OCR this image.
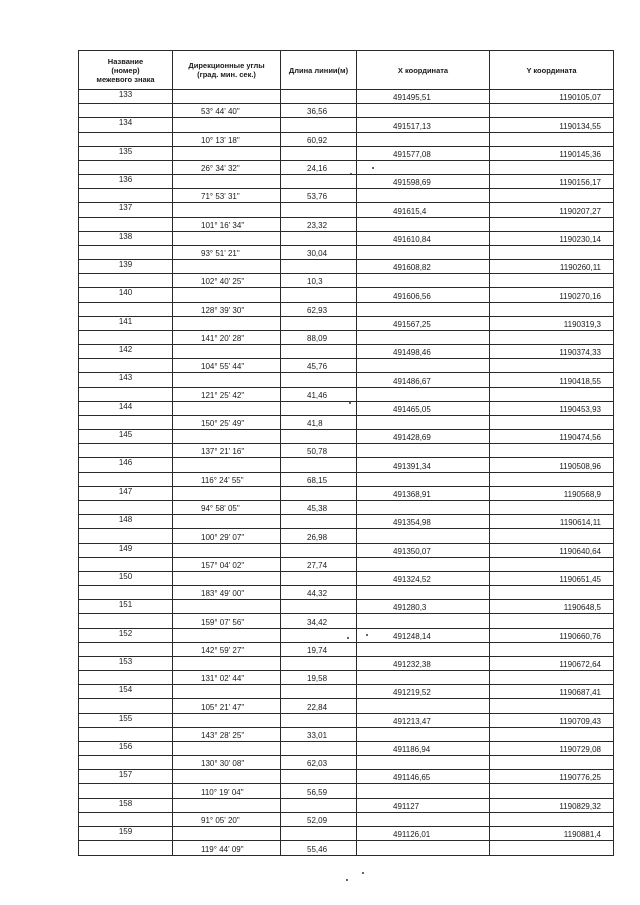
Название
(номер)
межевого знака	Дирекционные углы
(град. мин. сек.)	Длина линии(м)	X координата	Y координата
133			491495,51	1190105,07
	53° 44' 40"	36,56		
134			491517,13	1190134,55
	10° 13' 18"	60,92		
135			491577,08	1190145,36
	26° 34' 32"	24,16		
136			491598,69	1190156,17
	71° 53' 31"	53,76		
137			491615,4	1190207,27
	101° 16' 34"	23,32		
138			491610,84	1190230,14
	93° 51' 21"	30,04		
139			491608,82	1190260,11
	102° 40' 25"	10,3		
140			491606,56	1190270,16
	128° 39' 30"	62,93		
141			491567,25	1190319,3
	141° 20' 28"	88,09		
142			491498,46	1190374,33
	104° 55' 44"	45,76		
143			491486,67	1190418,55
	121° 25' 42"	41,46		
144			491465,05	1190453,93
	150° 25' 49"	41,8		
145			491428,69	1190474,56
	137° 21' 16"	50,78		
146			491391,34	1190508,96
	116° 24' 55"	68,15		
147			491368,91	1190568,9
	94° 58' 05"	45,38		
148			491354,98	1190614,11
	100° 29' 07"	26,98		
149			491350,07	1190640,64
	157° 04' 02"	27,74		
150			491324,52	1190651,45
	183° 49' 00"	44,32		
151			491280,3	1190648,5
	159° 07' 56"	34,42		
152			491248,14	1190660,76
	142° 59' 27"	19,74		
153			491232,38	1190672,64
	131° 02' 44"	19,58		
154			491219,52	1190687,41
	105° 21' 47"	22,84		
155			491213,47	1190709,43
	143° 28' 25"	33,01		
156			491186,94	1190729,08
	130° 30' 08"	62,03		
157			491146,65	1190776,25
	110° 19' 04"	56,59		
158			491127	1190829,32
	91° 05' 20"	52,09		
159			491126,01	1190881,4
	119° 44' 09"	55,46		
